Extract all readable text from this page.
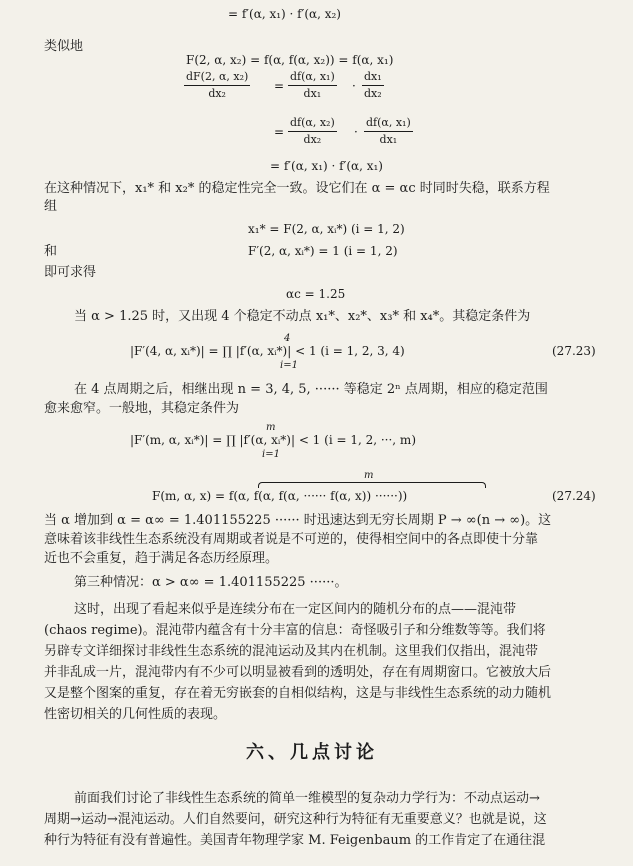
= f′(α, x₁) · f′(α, x₂)
类似地
F(2, α, x₂) = f(α, f(α, x₂)) = f(α, x₁)
dF(2, α, x₂)
dx₂
=
df(α, x₁)
dx₁
·
dx₁
dx₂
=
df(α, x₂)
dx₂
·
df(α, x₁)
dx₁
= f′(α, x₁) · f′(α, x₁)
在这种情况下，x₁* 和 x₂* 的稳定性完全一致。设它们在 α = αc 时同时失稳，联系方程
组
x₁* = F(2, α, xᵢ*) (i = 1, 2)
和	F′(2, α, xᵢ*) = 1 (i = 1, 2)
即可求得
αc = 1.25
当 α > 1.25 时，又出现 4 个稳定不动点 x₁*、x₂*、x₃* 和 x₄*。其稳定条件为
4
|F′(4, α, xᵢ*)| = ∏ |f′(α, xᵢ*)| < 1 (i = 1, 2, 3, 4)
i=1
(27.23)
在 4 点周期之后，相继出现 n = 3, 4, 5, ······ 等稳定 2ⁿ 点周期，相应的稳定范围
愈来愈窄。一般地，其稳定条件为
m
|F′(m, α, xᵢ*)| = ∏ |f′(α, xᵢ*)| < 1 (i = 1, 2, ···, m)
i=1
m
F(m, α, x) = f(α, f(α, f(α, ······ f(α, x)) ······))	(27.24)
当 α 增加到 α = α∞ = 1.401155225 ······ 时迅速达到无穷长周期 P → ∞(n → ∞)。这
意味着该非线性生态系统没有周期或者说是不可逆的，使得相空间中的各点即使十分靠
近也不会重复，趋于满足各态历经原理。
第三种情况：α > α∞ = 1.401155225 ······。
这时，出现了看起来似乎是连续分布在一定区间内的随机分布的点——混沌带
(chaos regime)。混沌带内蕴含有十分丰富的信息：奇怪吸引子和分维数等等。我们将
另辟专文详细探讨非线性生态系统的混沌运动及其内在机制。这里我们仅指出，混沌带
并非乱成一片，混沌带内有不少可以明显被看到的透明处，存在有周期窗口。它被放大后
又是整个图案的重复，存在着无穷嵌套的自相似结构，这是与非线性生态系统的动力随机
性密切相关的几何性质的表现。
六、几点讨论
前面我们讨论了非线性生态系统的简单一维模型的复杂动力学行为：不动点运动→
周期→运动→混沌运动。人们自然要问，研究这种行为特征有无重要意义？也就是说，这
种行为特征有没有普遍性。美国青年物理学家 M. Feigenbaum 的工作肯定了在通往混
